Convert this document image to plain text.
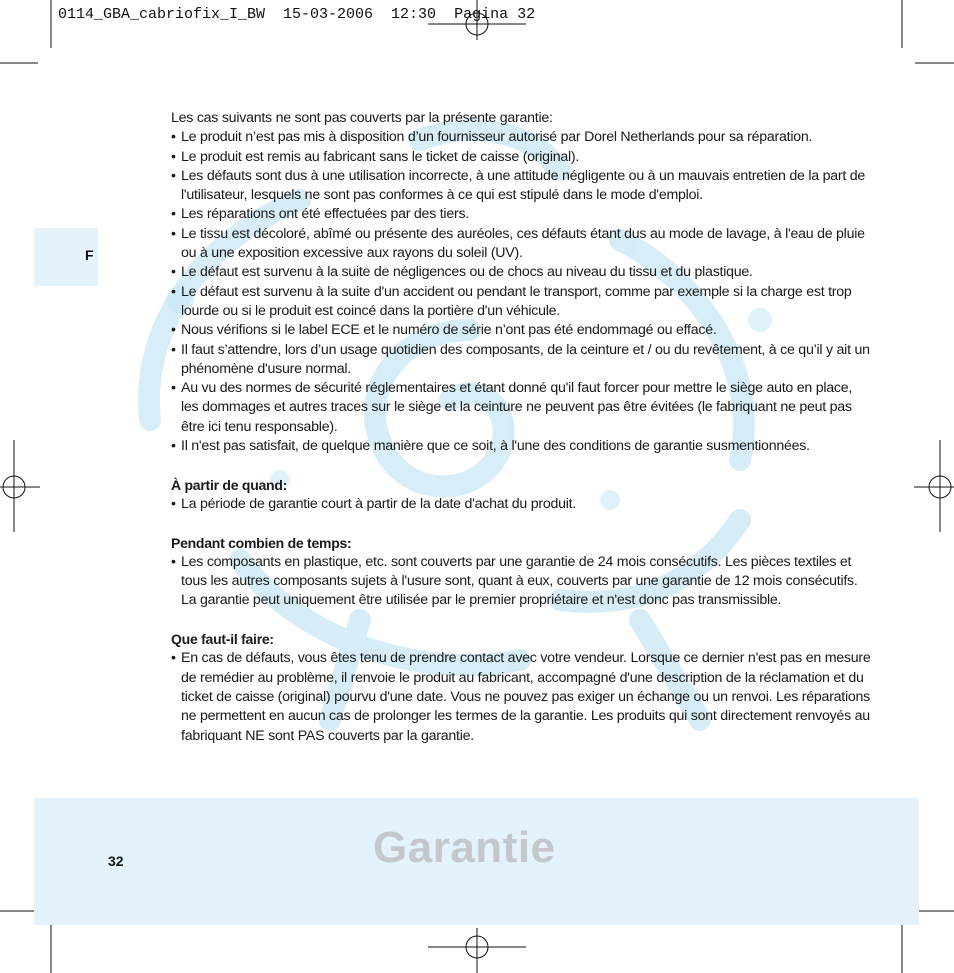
0114_GBA_cabriofix_I_BW  15-03-2006  12:30  Pagina 32
F

Les cas suivants ne sont pas couverts par la présente garantie:

• Le produit n’est pas mis à disposition d’un fournisseur autorisé par Dorel Netherlands pour sa réparation.
• Le produit est remis au fabricant sans le ticket de caisse (original).
• Les défauts sont dus à une utilisation incorrecte, à une attitude négligente ou à un mauvais entretien de la part de l'utilisateur, lesquels ne sont pas conformes à ce qui est stipulé dans le mode d'emploi.
• Les réparations ont été effectuées par des tiers.
• Le tissu est décoloré, abîmé ou présente des auréoles, ces défauts étant dus au mode de lavage, à l'eau de pluie ou à une exposition excessive aux rayons du soleil (UV).
• Le défaut est survenu à la suite de négligences ou de chocs au niveau du tissu et du plastique.
• Le défaut est survenu à la suite d'un accident ou pendant le transport, comme par exemple si la charge est trop lourde ou si le produit est coincé dans la portière d'un véhicule.
• Nous vérifions si le label ECE et le numéro de série n’ont pas été endommagé ou effacé.
• Il faut s’attendre, lors d’un usage quotidien des composants, de la ceinture et / ou du revêtement, à ce qu’il y ait un phénomène d'usure normal.
• Au vu des normes de sécurité réglementaires et étant donné qu'il faut forcer pour mettre le siège auto en place, les dommages et autres traces sur le siège et la ceinture ne peuvent pas être évitées (le fabriquant ne peut pas être ici tenu responsable).
• Il n'est pas satisfait, de quelque manière que ce soit, à l'une des conditions de garantie susmentionnées.
À partir de quand:
• La période de garantie court à partir de la date d'achat du produit.
Pendant combien de temps:
• Les composants en plastique, etc. sont couverts par une garantie de 24 mois consécutifs. Les pièces textiles et tous les autres composants sujets à l'usure sont, quant à eux, couverts par une garantie de 12 mois consécutifs. La garantie peut uniquement être utilisée par le premier propriétaire et n'est donc pas transmissible.
Que faut-il faire:
• En cas de défauts, vous êtes tenu de prendre contact avec votre vendeur. Lorsque ce dernier n'est pas en mesure de remédier au problème, il renvoie le produit au fabricant, accompagné d'une description de la réclamation et du ticket de caisse (original) pourvu d'une date. Vous ne pouvez pas exiger un échange ou un renvoi. Les réparations ne permettent en aucun cas de prolonger les termes de la garantie. Les produits qui sont directement renvoyés au fabriquant NE sont PAS couverts par la garantie.
32	Garantie
